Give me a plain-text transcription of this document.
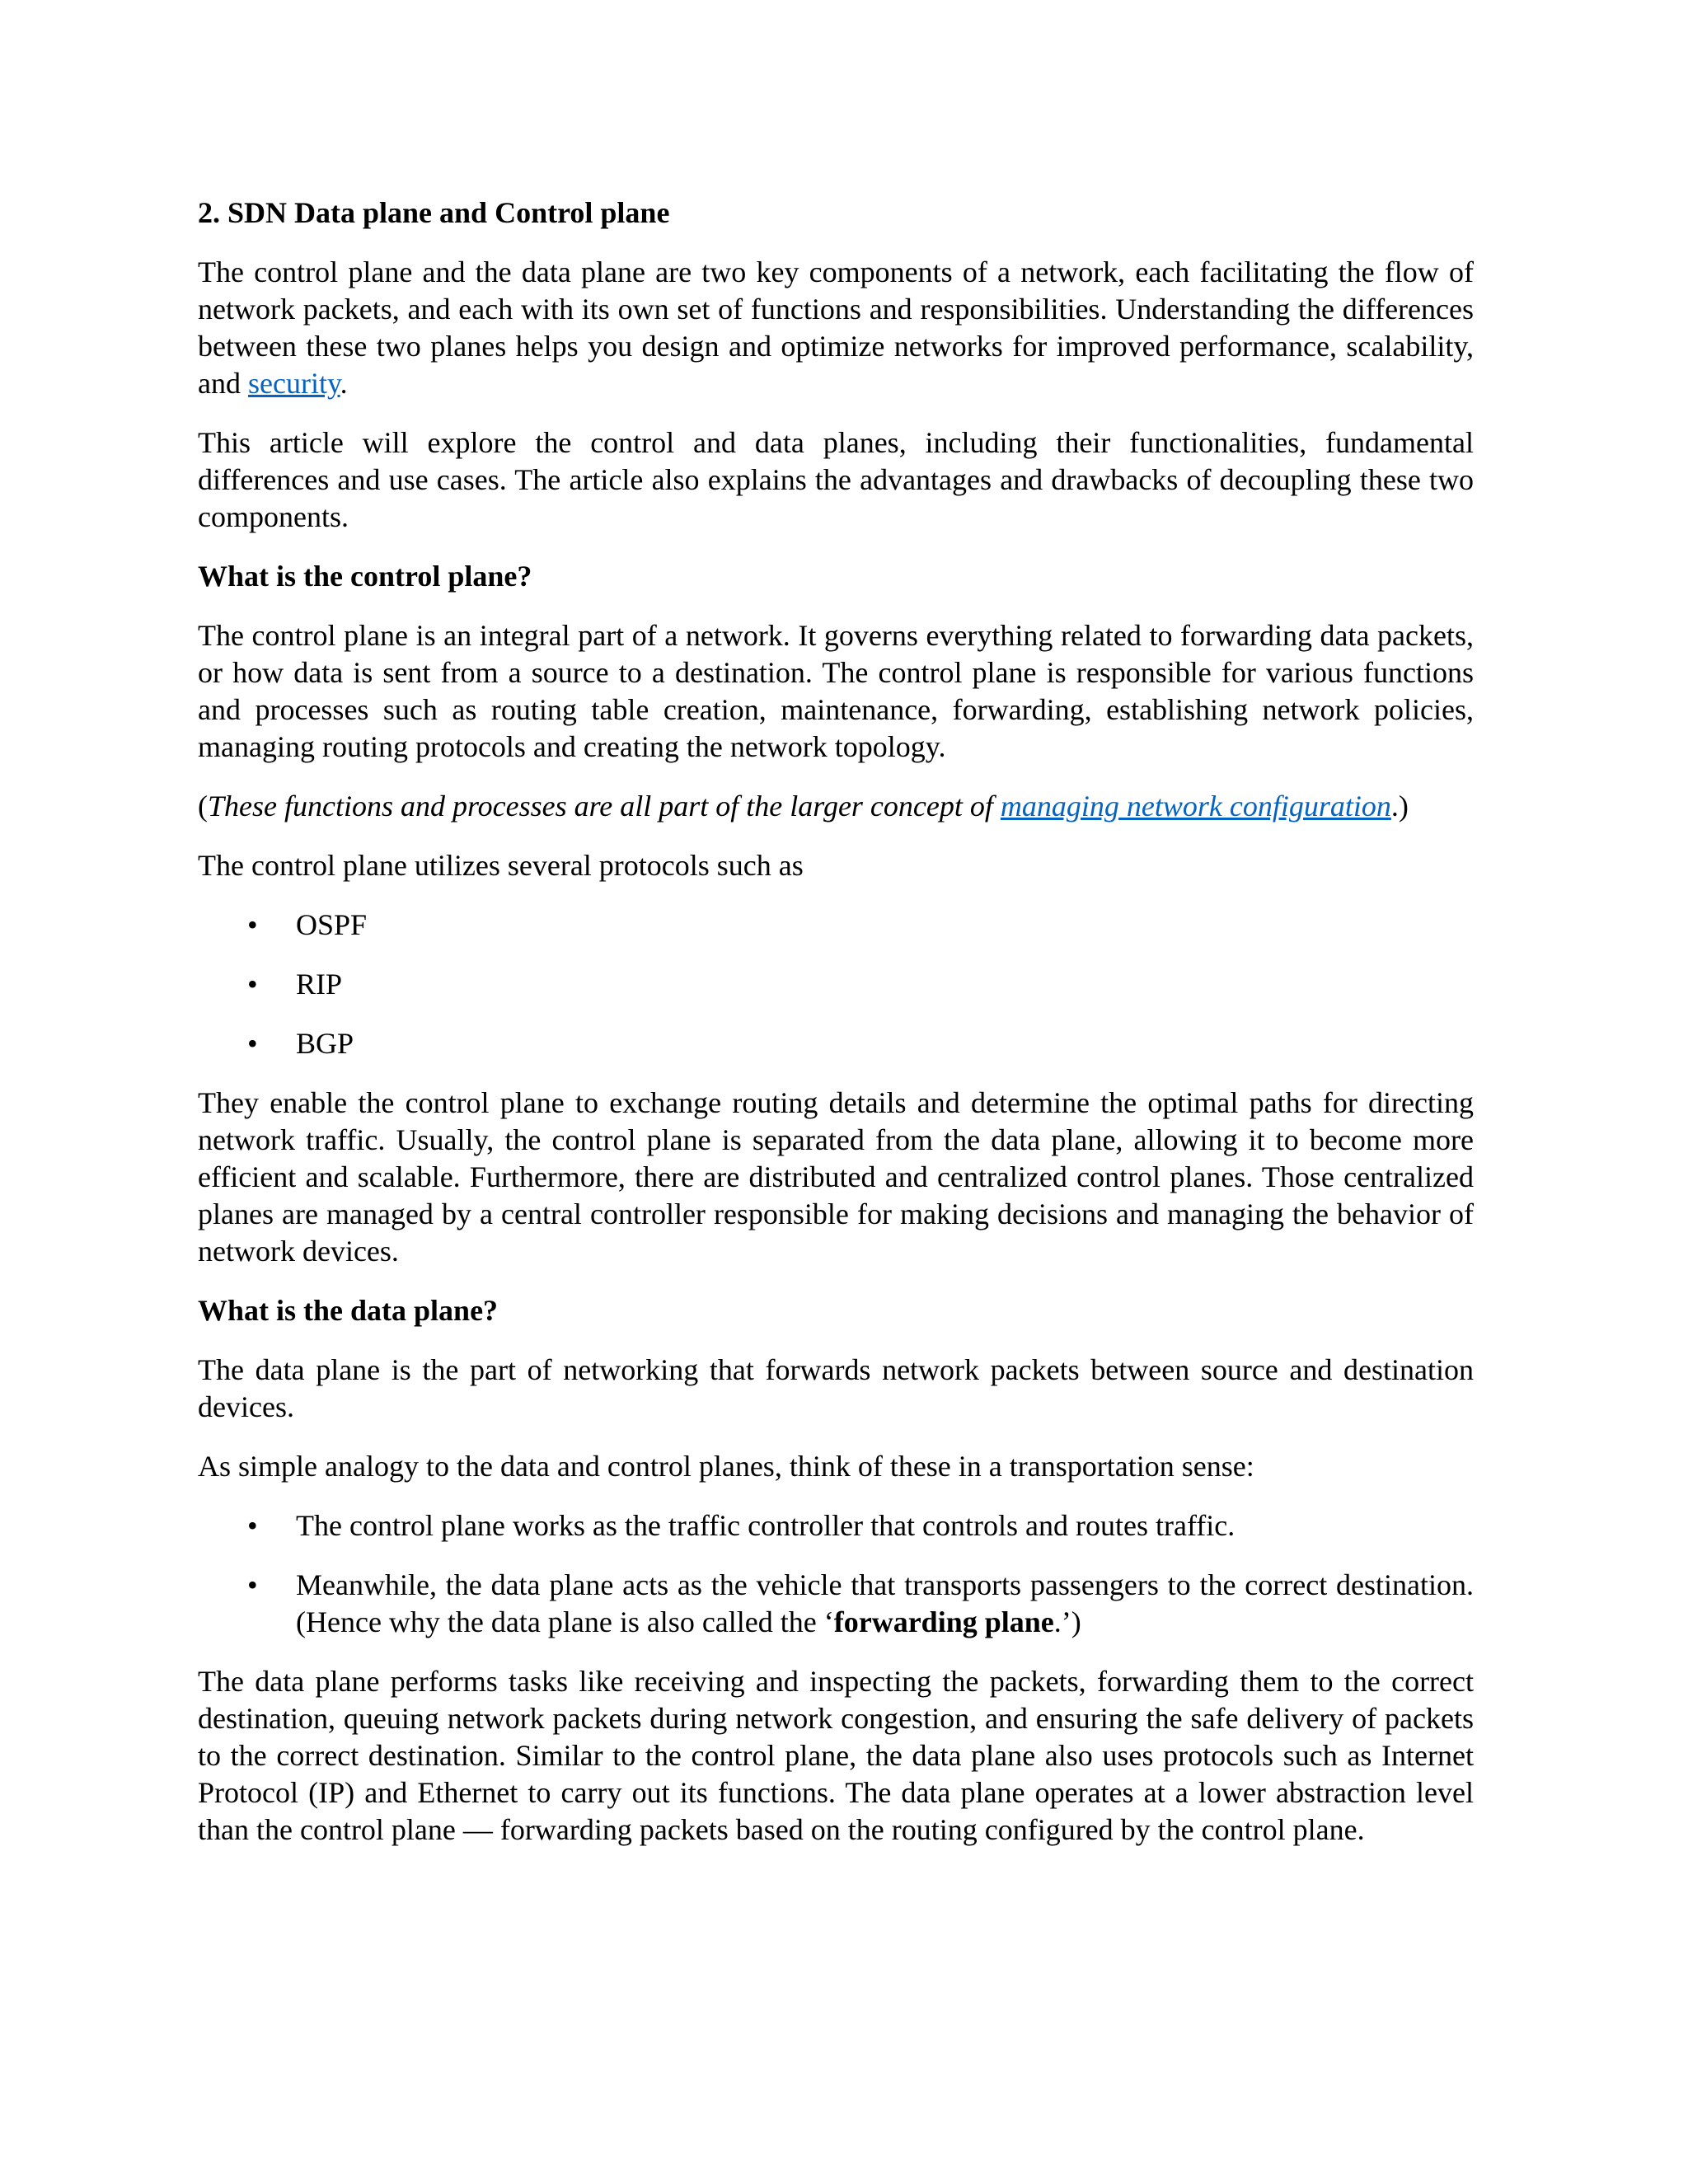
2. SDN Data plane and Control plane

The control plane and the data plane are two key components of a network, each facilitating the flow of network packets, and each with its own set of functions and responsibilities. Understanding the differences between these two planes helps you design and optimize networks for improved performance, scalability, and security.

This article will explore the control and data planes, including their functionalities, fundamental differences and use cases. The article also explains the advantages and drawbacks of decoupling these two components.

What is the control plane?

The control plane is an integral part of a network. It governs everything related to forwarding data packets, or how data is sent from a source to a destination. The control plane is responsible for various functions and processes such as routing table creation, maintenance, forwarding, establishing network policies, managing routing protocols and creating the network topology.

(These functions and processes are all part of the larger concept of managing network configuration.)

The control plane utilizes several protocols such as

• OSPF
• RIP
• BGP

They enable the control plane to exchange routing details and determine the optimal paths for directing network traffic. Usually, the control plane is separated from the data plane, allowing it to become more efficient and scalable. Furthermore, there are distributed and centralized control planes. Those centralized planes are managed by a central controller responsible for making decisions and managing the behavior of network devices.

What is the data plane?

The data plane is the part of networking that forwards network packets between source and destination devices.

As simple analogy to the data and control planes, think of these in a transportation sense:

• The control plane works as the traffic controller that controls and routes traffic.
• Meanwhile, the data plane acts as the vehicle that transports passengers to the correct destination. (Hence why the data plane is also called the ‘forwarding plane.’)

The data plane performs tasks like receiving and inspecting the packets, forwarding them to the correct destination, queuing network packets during network congestion, and ensuring the safe delivery of packets to the correct destination. Similar to the control plane, the data plane also uses protocols such as Internet Protocol (IP) and Ethernet to carry out its functions. The data plane operates at a lower abstraction level than the control plane — forwarding packets based on the routing configured by the control plane.
